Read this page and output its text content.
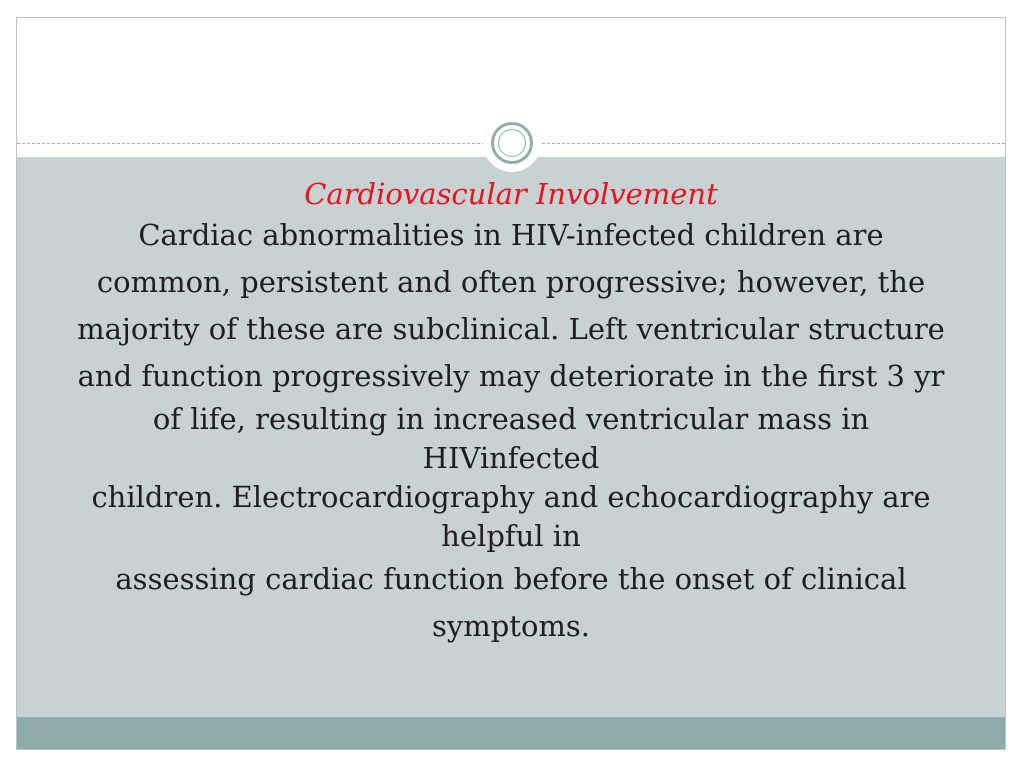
Cardiovascular Involvement

Cardiac abnormalities in HIV-infected children are

common, persistent and often progressive; however, the

majority of these are subclinical. Left ventricular structure

and function progressively may deteriorate in the first 3 yr

of life, resulting in increased ventricular mass in

HIVinfected

children. Electrocardiography and echocardiography are

helpful in

assessing cardiac function before the onset of clinical

symptoms.
